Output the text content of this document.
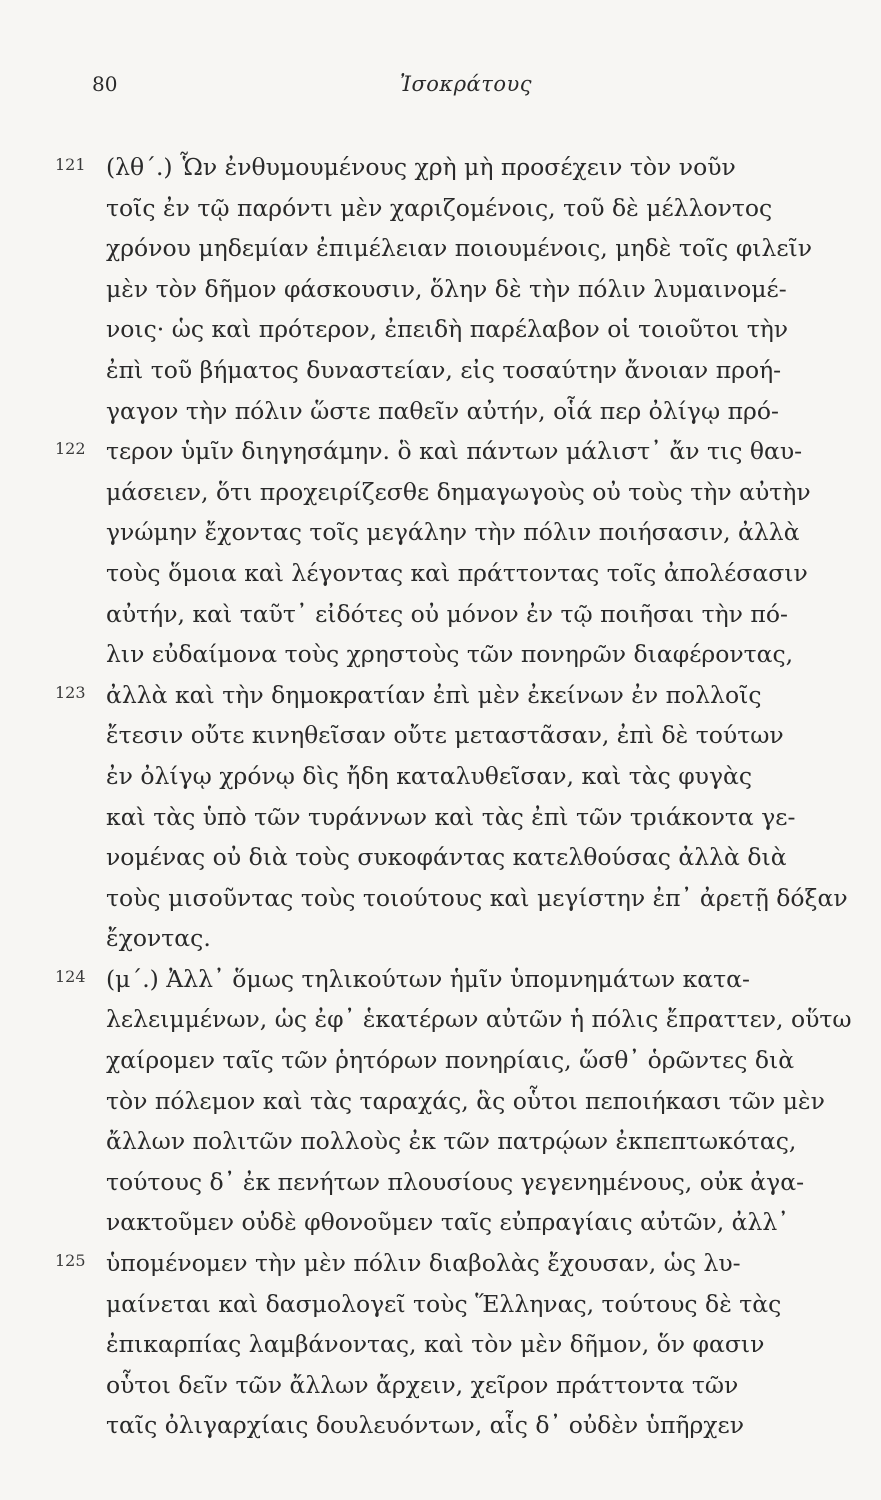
80	Ἰσοκράτους
121 (λθ΄.) Ὧν ἐνθυμουμένους χρὴ μὴ προσέχειν τὸν νοῦν
τοῖς ἐν τῷ παρόντι μὲν χαριζομένοις, τοῦ δὲ μέλλοντος
χρόνου μηδεμίαν ἐπιμέλειαν ποιουμένοις, μηδὲ τοῖς φιλεῖν
μὲν τὸν δῆμον φάσκουσιν, ὅλην δὲ τὴν πόλιν λυμαινομέ-
νοις· ὡς καὶ πρότερον, ἐπειδὴ παρέλαβον οἱ τοιοῦτοι τὴν
ἐπὶ τοῦ βήματος δυναστείαν, εἰς τοσαύτην ἄνοιαν προή-
γαγον τὴν πόλιν ὥστε παθεῖν αὐτήν, οἷά περ ὀλίγῳ πρό-
122 τερον ὑμῖν διηγησάμην. ὃ καὶ πάντων μάλιστ᾽ ἄν τις θαυ-
μάσειεν, ὅτι προχειρίζεσθε δημαγωγοὺς οὐ τοὺς τὴν αὐτὴν
γνώμην ἔχοντας τοῖς μεγάλην τὴν πόλιν ποιήσασιν, ἀλλὰ
τοὺς ὅμοια καὶ λέγοντας καὶ πράττοντας τοῖς ἀπολέσασιν
αὐτήν, καὶ ταῦτ᾽ εἰδότες οὐ μόνον ἐν τῷ ποιῆσαι τὴν πό-
λιν εὐδαίμονα τοὺς χρηστοὺς τῶν πονηρῶν διαφέροντας,
123 ἀλλὰ καὶ τὴν δημοκρατίαν ἐπὶ μὲν ἐκείνων ἐν πολλοῖς
ἔτεσιν οὔτε κινηθεῖσαν οὔτε μεταστᾶσαν, ἐπὶ δὲ τούτων
ἐν ὀλίγῳ χρόνῳ δὶς ἤδη καταλυθεῖσαν, καὶ τὰς φυγὰς
καὶ τὰς ὑπὸ τῶν τυράννων καὶ τὰς ἐπὶ τῶν τριάκοντα γε-
νομένας οὐ διὰ τοὺς συκοφάντας κατελθούσας ἀλλὰ διὰ
τοὺς μισοῦντας τοὺς τοιούτους καὶ μεγίστην ἐπ᾽ ἀρετῇ δόξαν
ἔχοντας.
124 (μ΄.) Ἀλλ᾽ ὅμως τηλικούτων ἡμῖν ὑπομνημάτων κατα-
λελειμμένων, ὡς ἐφ᾽ ἑκατέρων αὐτῶν ἡ πόλις ἔπραττεν, οὕτω
χαίρομεν ταῖς τῶν ῥητόρων πονηρίαις, ὥσθ᾽ ὁρῶντες διὰ
τὸν πόλεμον καὶ τὰς ταραχάς, ἃς οὗτοι πεποιήκασι τῶν μὲν
ἄλλων πολιτῶν πολλοὺς ἐκ τῶν πατρῴων ἐκπεπτωκότας,
τούτους δ᾽ ἐκ πενήτων πλουσίους γεγενημένους, οὐκ ἀγα-
νακτοῦμεν οὐδὲ φθονοῦμεν ταῖς εὐπραγίαις αὐτῶν, ἀλλ᾽
125 ὑπομένομεν τὴν μὲν πόλιν διαβολὰς ἔχουσαν, ὡς λυ-
μαίνεται καὶ δασμολογεῖ τοὺς Ἕλληνας, τούτους δὲ τὰς
ἐπικαρπίας λαμβάνοντας, καὶ τὸν μὲν δῆμον, ὅν φασιν
οὗτοι δεῖν τῶν ἄλλων ἄρχειν, χεῖρον πράττοντα τῶν
ταῖς ὀλιγαρχίαις δουλευόντων, αἷς δ᾽ οὐδὲν ὑπῆρχεν
